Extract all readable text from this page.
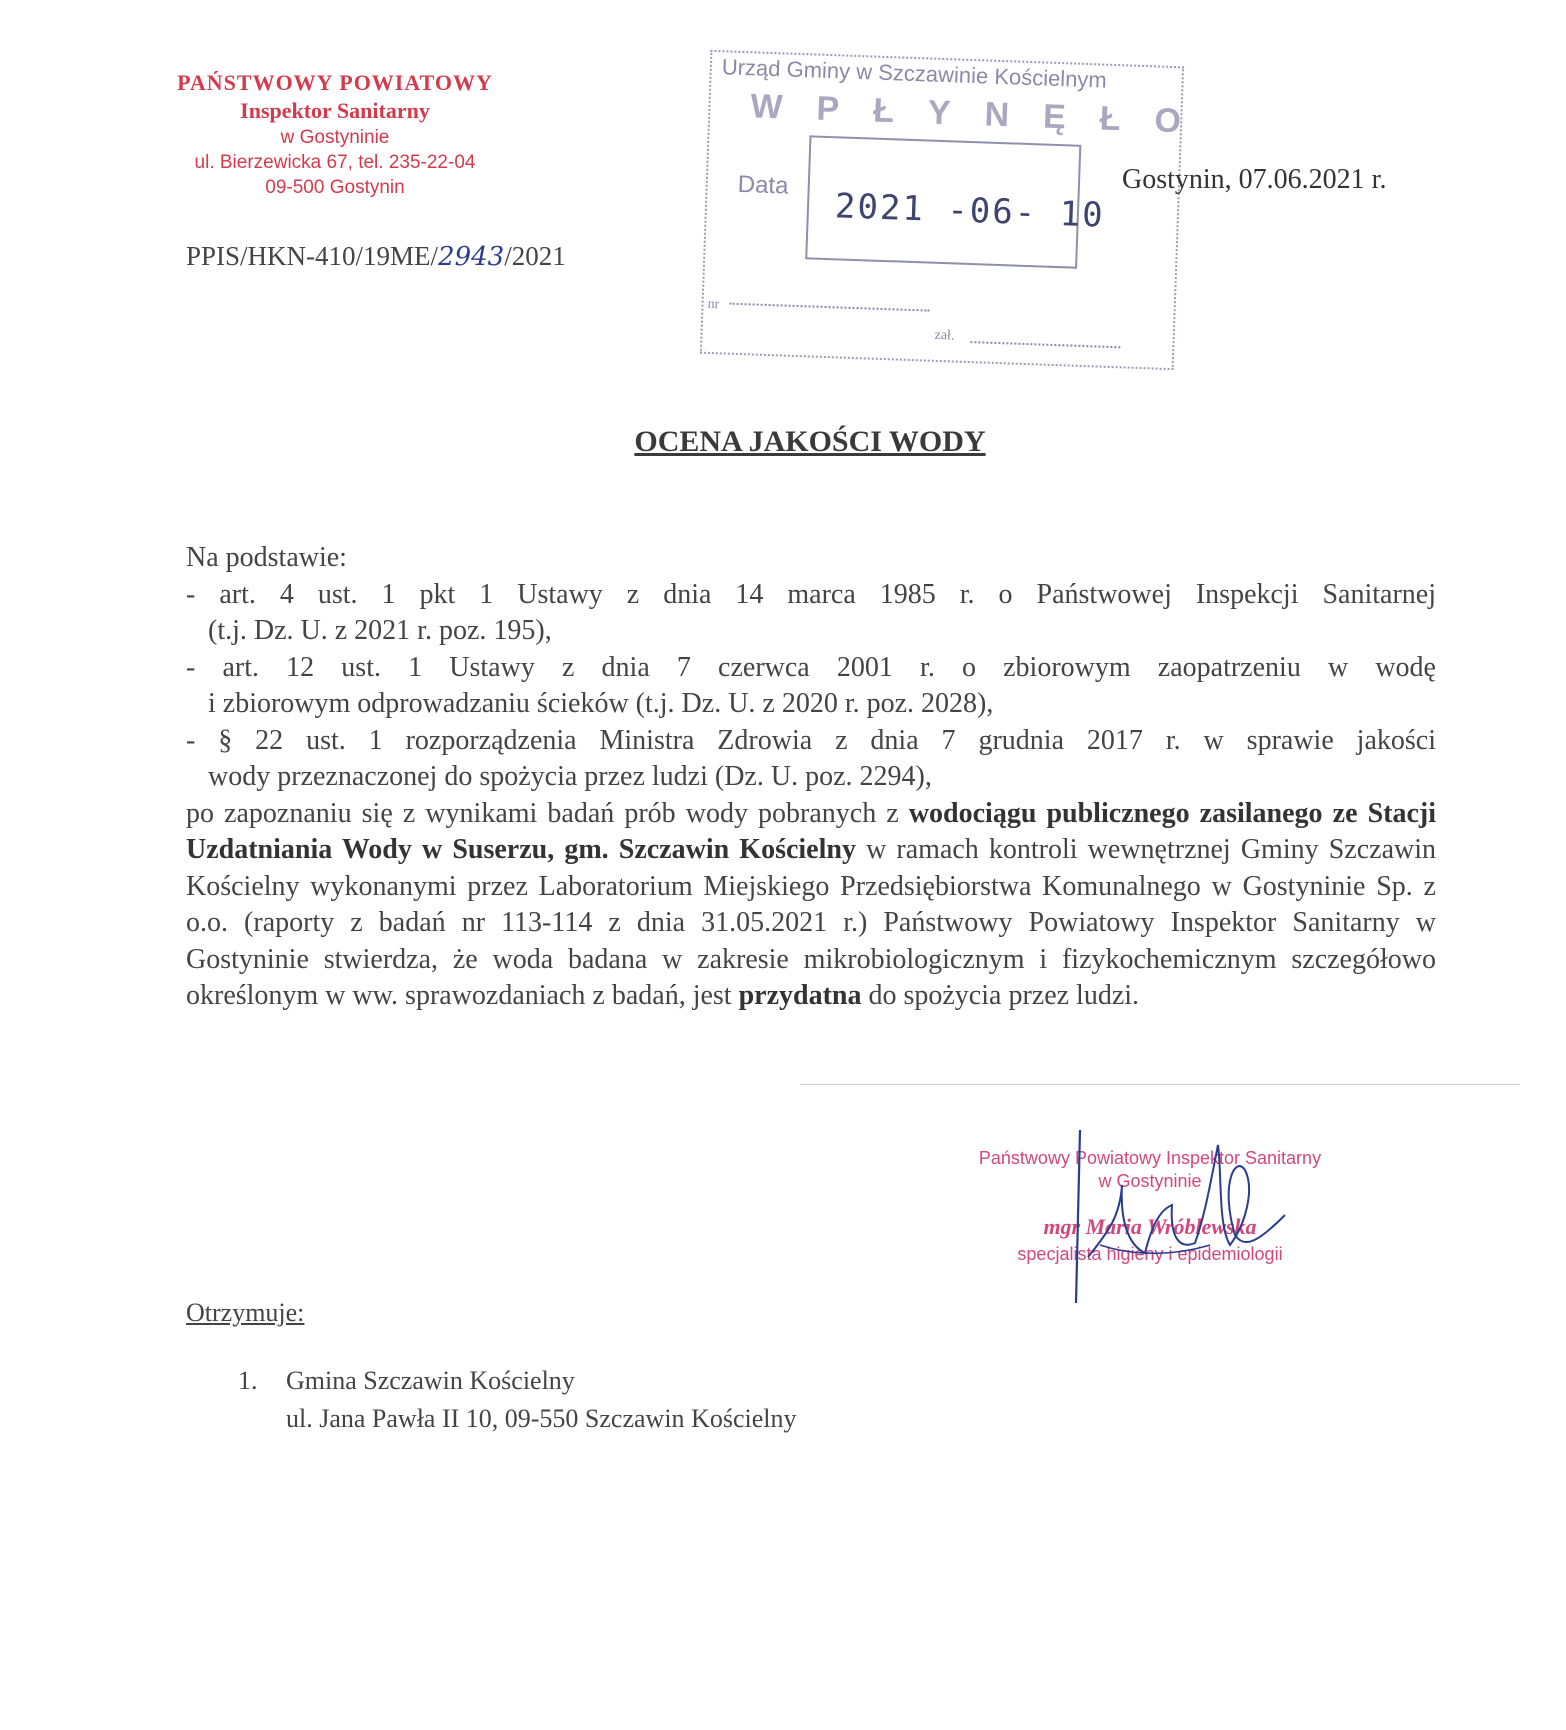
PAŃSTWOWY POWIATOWY
Inspektor Sanitarny
w Gostyninie
ul. Bierzewicka 67, tel. 235-22-04
09-500 Gostynin
PPIS/HKN-410/19ME/2943/2021
Urząd Gminy w Szczawinie Kościelnym
WPŁYNĘŁO
Data
2021 -06- 10
nr
zał.
Gostynin, 07.06.2021 r.
OCENA JAKOŚCI WODY

Na podstawie:

- art. 4 ust. 1 pkt 1 Ustawy z dnia 14 marca 1985 r. o Państwowej Inspekcji Sanitarnej

(t.j. Dz. U. z 2021 r. poz. 195),

- art. 12 ust. 1 Ustawy z dnia 7 czerwca 2001 r. o zbiorowym zaopatrzeniu w wodę

i zbiorowym odprowadzaniu ścieków (t.j. Dz. U. z 2020 r. poz. 2028),

- § 22 ust. 1 rozporządzenia Ministra Zdrowia z dnia 7 grudnia 2017 r. w sprawie jakości

wody przeznaczonej do spożycia przez ludzi (Dz. U. poz. 2294),

po zapoznaniu się z wynikami badań prób wody pobranych z wodociągu publicznego zasilanego ze Stacji Uzdatniania Wody w Suserzu, gm. Szczawin Kościelny w ramach kontroli wewnętrznej Gminy Szczawin Kościelny wykonanymi przez Laboratorium Miejskiego Przedsiębiorstwa Komunalnego w Gostyninie Sp. z o.o. (raporty z badań nr 113-114 z dnia 31.05.2021 r.) Państwowy Powiatowy Inspektor Sanitarny w Gostyninie stwierdza, że woda badana w zakresie mikrobiologicznym i fizykochemicznym szczegółowo określonym w ww. sprawozdaniach z badań, jest przydatna do spożycia przez ludzi.

Państwowy Powiatowy Inspektor Sanitarny
w Gostyninie
mgr Maria Wróblewska
specjalista higieny i epidemiologii
Otrzymuje:
1. Gmina Szczawin Kościelny
ul. Jana Pawła II 10, 09-550 Szczawin Kościelny
